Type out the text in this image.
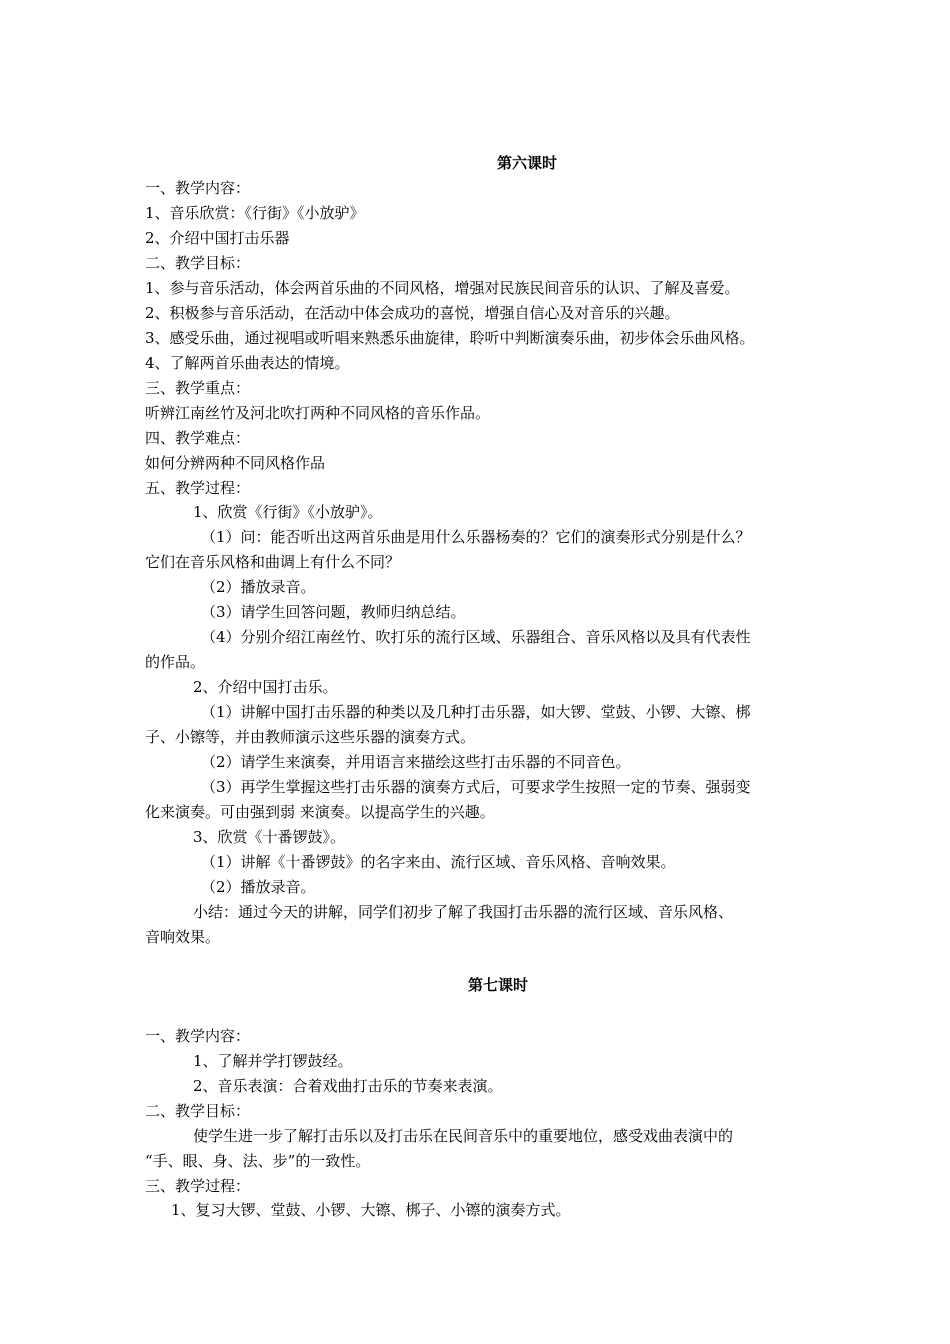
第六课时
一、教学内容：
1、音乐欣赏：《行街》《小放驴》
2、介绍中国打击乐器
二、教学目标：
1、参与音乐活动，体会两首乐曲的不同风格，增强对民族民间音乐的认识、了解及喜爱。
2、积极参与音乐活动，在活动中体会成功的喜悦，增强自信心及对音乐的兴趣。
3、感受乐曲，通过视唱或听唱来熟悉乐曲旋律，聆听中判断演奏乐曲，初步体会乐曲风格。
4、了解两首乐曲表达的情境。
三、教学重点：
听辨江南丝竹及河北吹打两种不同风格的音乐作品。
四、教学难点：
如何分辨两种不同风格作品
五、教学过程：
1、欣赏《行街》《小放驴》。
（1）问：能否听出这两首乐曲是用什么乐器杨奏的？它们的演奏形式分别是什么？
它们在音乐风格和曲调上有什么不同？
（2）播放录音。
（3）请学生回答问题，教师归纳总结。
（4）分别介绍江南丝竹、吹打乐的流行区域、乐器组合、音乐风格以及具有代表性
的作品。
2、介绍中国打击乐。
（1）讲解中国打击乐器的种类以及几种打击乐器，如大锣、堂鼓、小锣、大镲、梆
子、小镲等，并由教师演示这些乐器的演奏方式。
（2）请学生来演奏，并用语言来描绘这些打击乐器的不同音色。
（3）再学生掌握这些打击乐器的演奏方式后，可要求学生按照一定的节奏、强弱变
化来演奏。可由强到弱 来演奏。以提高学生的兴趣。
3、欣赏《十番锣鼓》。
（1）讲解《十番锣鼓》的名字来由、流行区域、音乐风格、音响效果。
（2）播放录音。
小结：通过今天的讲解，同学们初步了解了我国打击乐器的流行区域、音乐风格、
音响效果。
第七课时
一、教学内容：
1、了解并学打锣鼓经。
2、音乐表演：合着戏曲打击乐的节奏来表演。
二、教学目标：
使学生进一步了解打击乐以及打击乐在民间音乐中的重要地位，感受戏曲表演中的
“手、眼、身、法、步”的一致性。
三、教学过程：
1、复习大锣、堂鼓、小锣、大镲、梆子、小镲的演奏方式。
